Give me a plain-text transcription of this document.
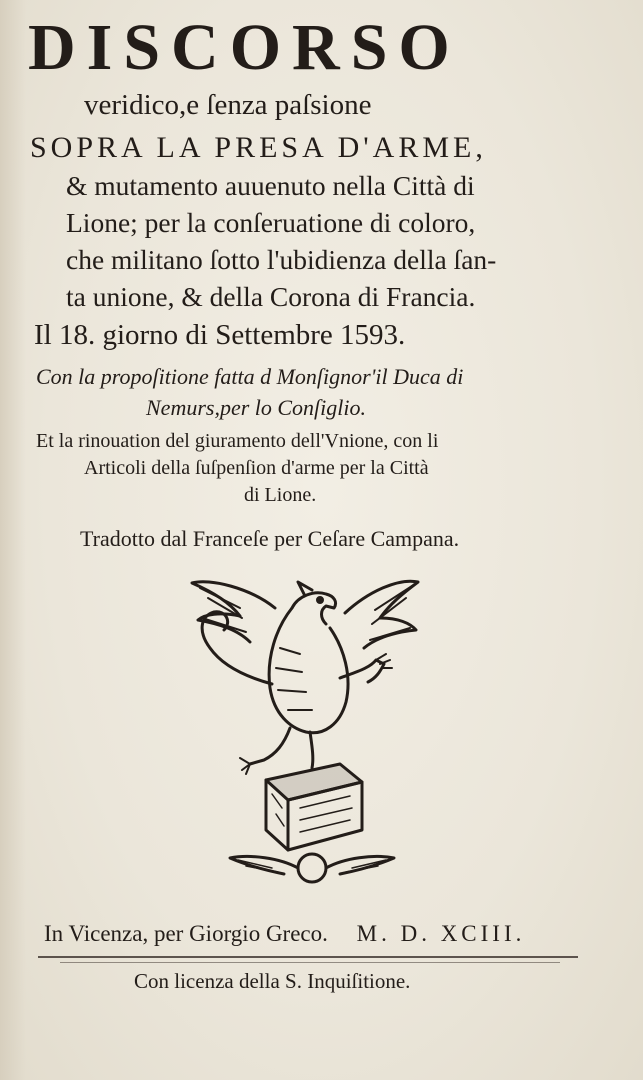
DISCORSO
veridico,e ſenza paſsione
SOPRA LA PRESA D'ARME,
& mutamento auuenuto nella Città di
Lione; per la conſeruatione di coloro,
che militano ſotto l'ubidienza della ſan-
ta unione, & della Corona di Francia.
Il 18. giorno di Settembre 1593.
Con la propoſitione fatta d Monſignor'il Duca di
Nemurs,per lo Conſiglio.
Et la rinouation del giuramento dell'Vnione, con li
Articoli della ſuſpenſion d'arme per la Città
di Lione.
Tradotto dal Franceſe per Ceſare Campana.
In Vicenza, per Giorgio Greco. M. D. XCIII.
Con licenza della S. Inquiſitione.
